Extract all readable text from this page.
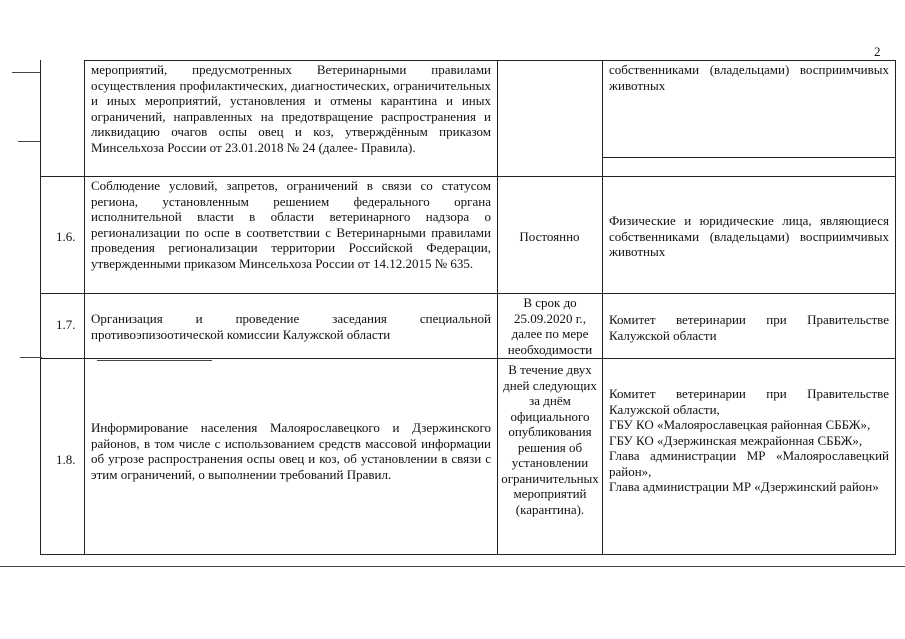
2
мероприятий, предусмотренных Ветеринарными правилами осуществления профилактических, диагностических, ограничительных и иных мероприятий, установления и отмены карантина и иных ограничений, направленных на предотвращение распространения и ликвидацию очагов оспы овец и коз, утверждённым приказом Минсельхоза России от 23.01.2018 № 24 (далее- Правила).
собственниками (владельцами) восприимчивых животных
1.6.
Соблюдение условий, запретов, ограничений в связи со статусом региона, установленным решением федерального органа исполнительной власти в области ветеринарного надзора о регионализации по оспе в соответствии с Ветеринарными правилами проведения регионализации территории Российской Федерации, утвержденными приказом Минсельхоза России от 14.12.2015 № 635.
Постоянно
Физические и юридические лица, являющиеся собственниками (владельцами) восприимчивых животных
1.7. Организация и проведение заседания специальной противоэпизоотической комиссии Калужской области
В срок до 25.09.2020 г., далее по мере необходимости
Комитет ветеринарии при Правительстве Калужской области
1.8.
Информирование населения Малоярославецкого и Дзержинского районов, в том числе с использованием средств массовой информации об угрозе распространения оспы овец и коз, об установлении в связи с этим ограничений, о выполнении требований Правил.
В течение двух дней следующих за днём официального опубликования решения об установлении ограничительных мероприятий (карантина).
Комитет ветеринарии при Правительстве Калужской области,
ГБУ КО «Малоярославецкая районная СББЖ»,
ГБУ КО «Дзержинская межрайонная СББЖ»,
Глава администрации МР «Малоярославецкий район»,
Глава администрации МР «Дзержинский район»
